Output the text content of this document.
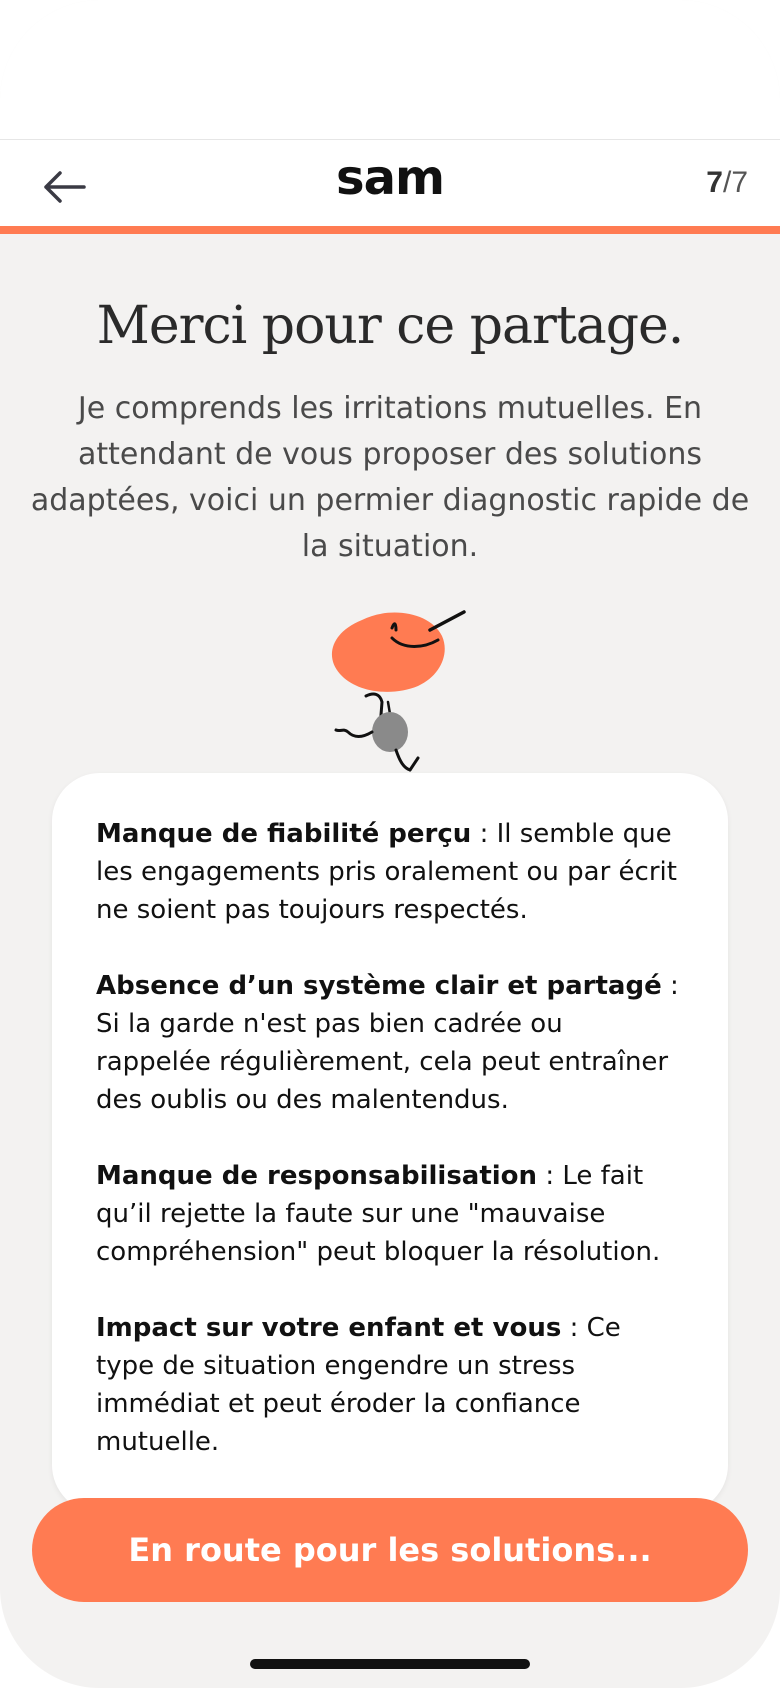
sam	7/7
Merci pour ce partage.

Je comprends les irritations mutuelles. En attendant de vous proposer des solutions adaptées, voici un permier diagnostic rapide de la situation.

Manque de fiabilité perçu : Il semble que les engagements pris oralement ou par écrit ne soient pas toujours respectés.

Absence d’un système clair et partagé : Si la garde n'est pas bien cadrée ou rappelée régulièrement, cela peut entraîner des oublis ou des malentendus.

Manque de responsabilisation : Le fait qu’il rejette la faute sur une "mauvaise compréhension" peut bloquer la résolution.

Impact sur votre enfant et vous : Ce type de situation engendre un stress immédiat et peut éroder la confiance mutuelle.

En route pour les solutions...
